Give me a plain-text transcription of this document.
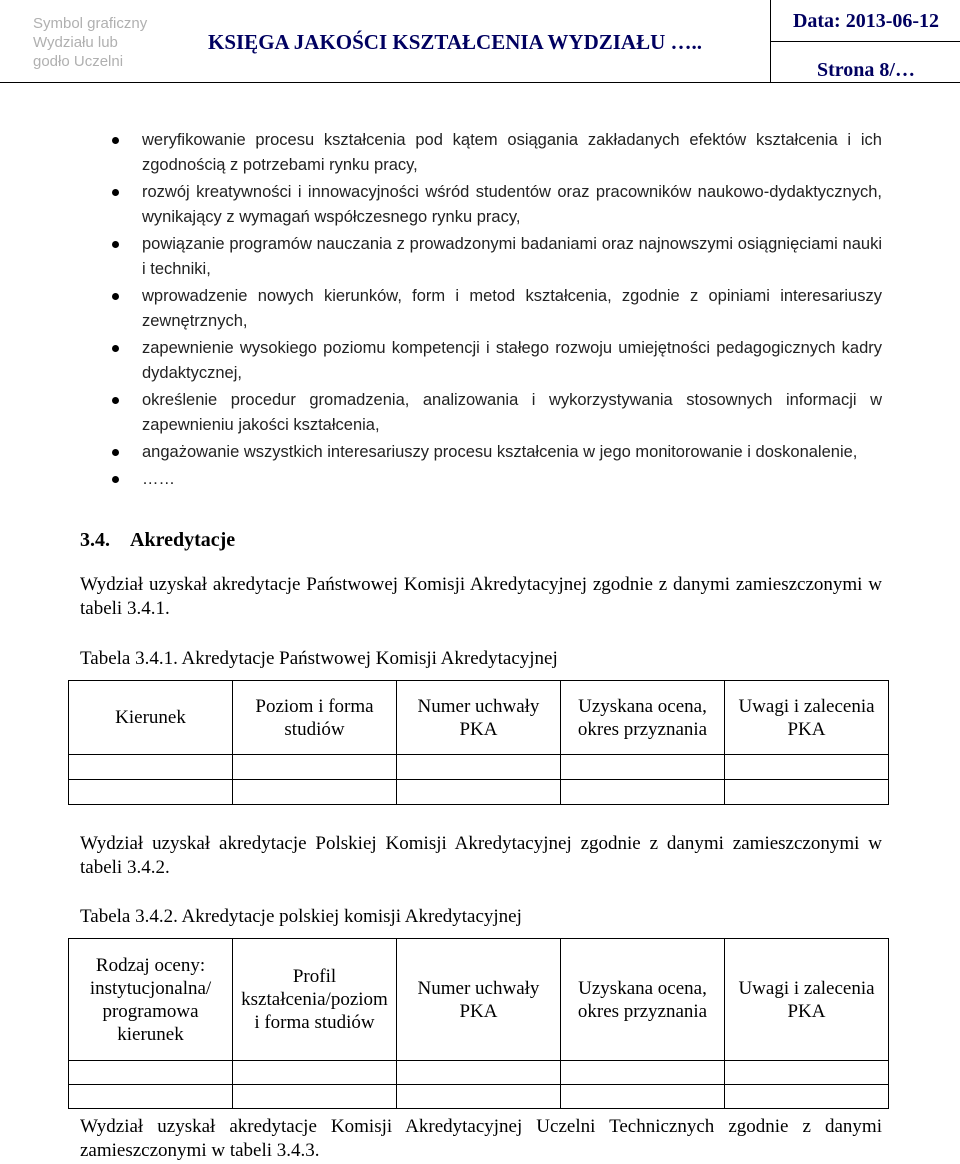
Symbol graficzny
Wydziału lub
godło Uczelni
KSIĘGA JAKOŚCI KSZTAŁCENIA WYDZIAŁU …..
Data: 2013-06-12
Strona 8/…
weryfikowanie procesu kształcenia pod kątem osiągania zakładanych efektów kształcenia i ich zgodnością z potrzebami rynku pracy,
rozwój kreatywności i innowacyjności wśród studentów oraz pracowników naukowo-dydaktycznych, wynikający z wymagań współczesnego rynku pracy,
powiązanie programów nauczania z prowadzonymi badaniami oraz najnowszymi osiągnięciami nauki i techniki,
wprowadzenie nowych kierunków, form i metod kształcenia, zgodnie z opiniami interesariuszy zewnętrznych,
zapewnienie wysokiego poziomu kompetencji i stałego rozwoju umiejętności pedagogicznych kadry dydaktycznej,
określenie procedur gromadzenia, analizowania i wykorzystywania stosownych informacji w zapewnieniu jakości kształcenia,
angażowanie wszystkich interesariuszy procesu kształcenia w jego monitorowanie i doskonalenie,
……
3.4. Akredytacje
Wydział uzyskał akredytacje Państwowej Komisji Akredytacyjnej zgodnie z danymi zamieszczonymi w tabeli 3.4.1.
Tabela 3.4.1. Akredytacje Państwowej Komisji Akredytacyjnej
Kierunek	Poziom i forma studiów	Numer uchwały PKA	Uzyskana ocena, okres przyznania	Uwagi i zalecenia PKA

Wydział uzyskał akredytacje Polskiej Komisji Akredytacyjnej zgodnie z danymi zamieszczonymi w tabeli 3.4.2.
Tabela 3.4.2. Akredytacje polskiej komisji Akredytacyjnej
Rodzaj oceny: instytucjonalna/ programowa kierunek	Profil kształcenia/poziom i forma studiów	Numer uchwały PKA	Uzyskana ocena, okres przyznania	Uwagi i zalecenia PKA

Wydział uzyskał akredytacje Komisji Akredytacyjnej Uczelni Technicznych zgodnie z danymi zamieszczonymi w tabeli 3.4.3.
